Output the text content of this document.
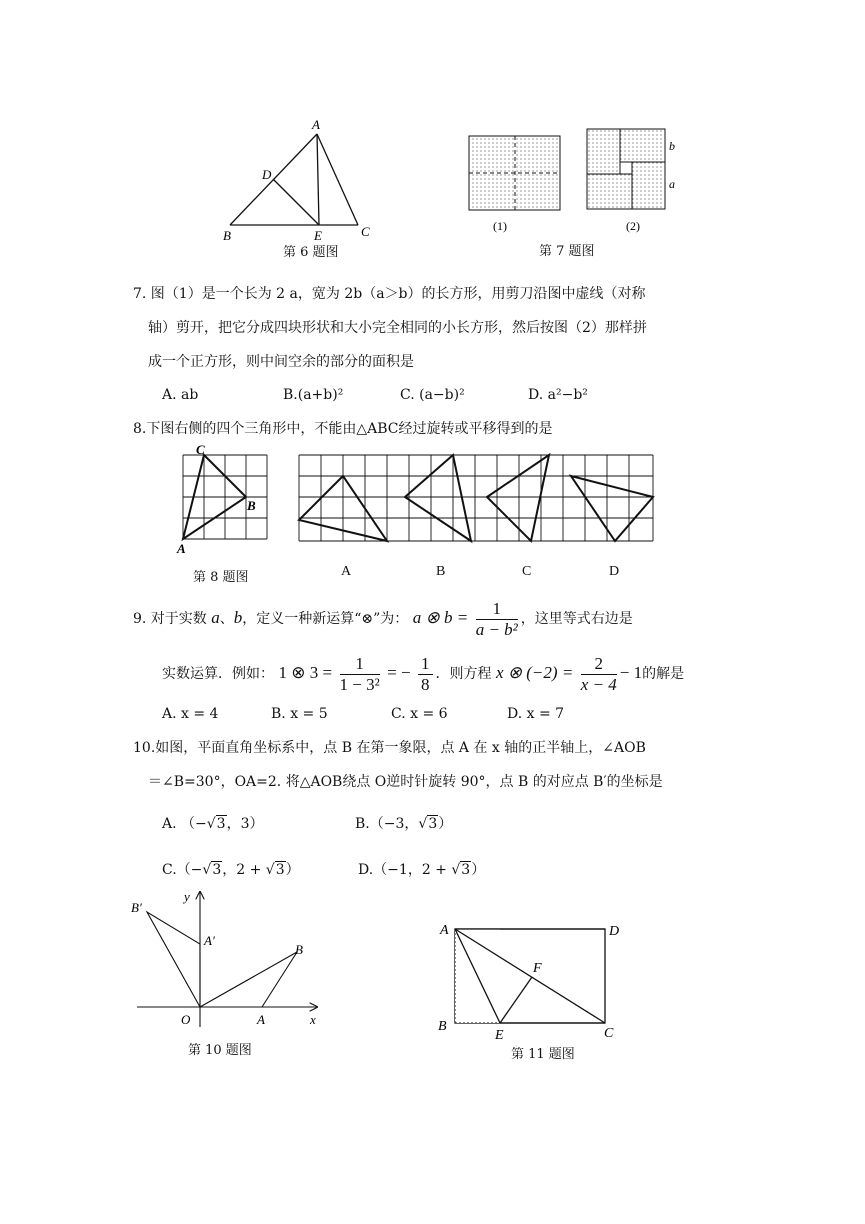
A
D
B	E	C
第 6 题图
b
a
(1)	(2)
第 7 题图
7. 图（1）是一个长为 2 a，宽为 2b（a＞b）的长方形，用剪刀沿图中虚线（对称
轴）剪开，把它分成四块形状和大小完全相同的小长方形，然后按图（2）那样拼
成一个正方形，则中间空余的部分的面积是
A. ab	B.(a+b)²	C. (a−b)²	D. a²−b²
8.下图右侧的四个三角形中，不能由△ABC经过旋转或平移得到的是
C
B
A
第 8 题图	A	B	C	D
9. 对于实数 a、b，定义一种新运算“⊗”为： a ⊗ $b = \frac{1}{\text{a − b²}}$ ，这里等式右边是
实数运算．例如： 1 ⊗ $3 = \frac{1}{\text{1 − 3²}}$ = − $\frac{1}{8}$ ．则方程 x ⊗ $(-2) = \frac{2}{x - 4} - 1$的解是
A. x = 4	B. x = 5	C. x = 6	D. x = 7
10.如图，平面直角坐标系中，点 B 在第一象限，点 A 在 x 轴的正半轴上，∠AOB
＝∠B=30°，OA=2. 将△AOB绕点 O逆时针旋转 90°，点 B 的对应点 B′的坐标是
A. （−√3，3）	B.（−3，√3）
C.（−√3，2 + √3）	D.（−1，2 + √3）
B′
y
A′
B
O	A	x
第 10 题图
A	D
F
B
E	C
第 11 题图
